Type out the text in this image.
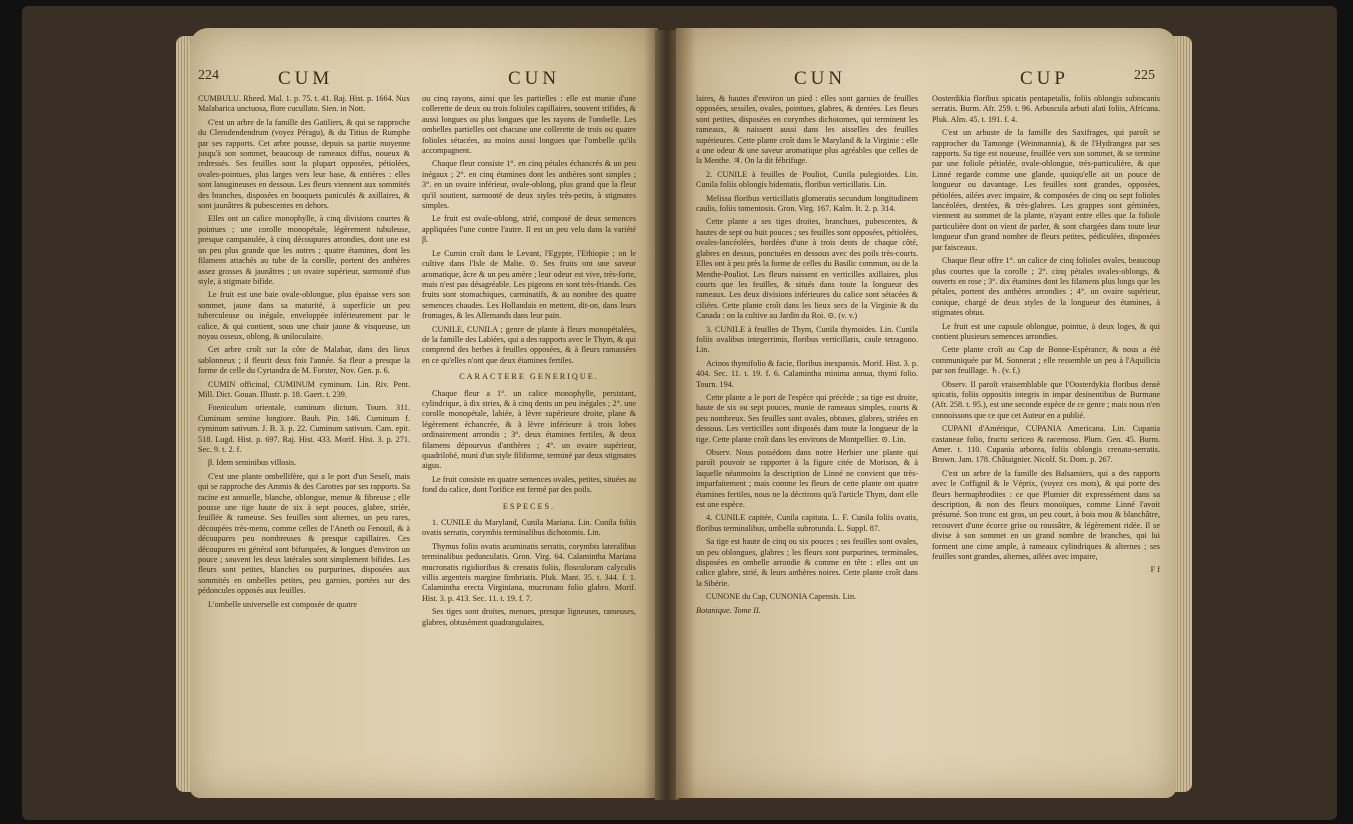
224	CUM	CUN

CUMBULU. Rheed. Mal. 1. p. 75. t. 41. Raj. Hist. p. 1664. Nux Malabarica unctuosa, flore cucullato. Sien. in Nott.

C'est un arbre de la famille des Gatiliers, & qui se rapproche du Clerodendendrum (voyez Péragu), & du Titius de Rumphe par ses rapports. Cet arbre pousse, depuis sa partie moyenne jusqu'à son sommet, beaucoup de rameaux diffus, noueux & redressés. Ses feuilles sont la plupart opposées, pétiolées, ovales-pointues, plus larges vers leur base, & entières : elles sont lanugineuses en dessous. Les fleurs viennent aux sommités des branches, disposées en bouquets paniculés & axillaires, & sont jaunâtres & pubescentes en dehors.

Elles ont un calice monophylle, à cinq divisions courtes & pointues ; une corolle monopétale, légèrement tubuleuse, presque campanulée, à cinq découpures arrondies, dont une est un peu plus grande que les autres ; quatre étamines, dont les filamens attachés au tube de la corolle, portent des anthères assez grosses & jaunâtres ; un ovaire supérieur, surmonté d'un style, à stigmate bifide.

Le fruit est une baie ovale-oblongue, plus épaisse vers son sommet, jaune dans sa maturité, à superficie un peu tuberculeuse ou inégale, enveloppée inférieurement par le calice, & qui contient, sous une chair jaune & visqueuse, un noyau osseux, oblong, & uniloculaire.

Cet arbre croît sur la côte de Malabar, dans des lieux sablonneux ; il fleurit deux fois l'année. Sa fleur a presque la forme de celle du Cyrtandra de M. Forster, Nov. Gen. p. 6.

CUMIN officinal, CUMINUM cyminum. Lin. Riv. Pent. Mill. Dict. Gouan. Illustr. p. 18. Gaert. t. 239.

Foeniculum orientale, cuminum dictum. Tourn. 311. Cuminum semine longiore. Bauh. Pin. 146. Cuminum f. cyminum sativum. J. B. 3. p. 22. Cuminum sativum. Cam. epit. 518. Lugd. Hist. p. 697. Raj. Hist. 433. Morif. Hist. 3. p. 271. Sec. 9. t. 2. f.

β. Idem seminibus villosis.

C'est une plante ombellifère, qui a le port d'un Seseli, mais qui se rapproche des Ammis & des Carottes par ses rapports. Sa racine est annuelle, blanche, oblongue, menue & fibreuse ; elle pousse une tige haute de six à sept pouces, glabre, striée, feuillée & rameuse. Ses feuilles sont alternes, un peu rares, découpées très-menu, comme celles de l'Aneth ou Fenouil, & à découpures peu nombreuses & presque capillaires. Ces découpures en général sont bifurquées, & longues d'environ un pouce ; souvent les deux latérales sont simplement bifides. Les fleurs sont petites, blanches ou purpurines, disposées aux sommités en ombelles petites, peu garnies, portées sur des pédoncules opposés aux feuilles.

L'ombelle universelle est composée de quatre

ou cinq rayons, ainsi que les partielles : elle est munie d'une collerette de deux ou trois folioles capillaires, souvent trifides, & aussi longues ou plus longues que les rayons de l'ombelle. Les ombelles partielles ont chacune une collerette de trois ou quatre folioles sétacées, au moins aussi longues que l'ombelle qu'ils accompagnent.

Chaque fleur consiste 1°. en cinq pétales échancrés & un peu inégaux ; 2°. en cinq étamines dont les anthères sont simples ; 3°. en un ovaire inférieur, ovale-oblong, plus grand que la fleur qu'il soutient, surmonté de deux styles très-petits, à stigmates simples.

Le fruit est ovale-oblong, strié, composé de deux semences appliquées l'une contre l'autre. Il est un peu velu dans la variété β.

Le Cumin croît dans le Levant, l'Egypte, l'Ethiopie ; on le cultive dans l'Isle de Malte. ⊙. Ses fruits ont une saveur aromatique, âcre & un peu amère ; leur odeur est vive, très-forte, mais n'est pas désagréable. Les pigeons en sont très-friands. Ces fruits sont stomachiques, carminatifs, & au nombre des quatre semences chaudes. Les Hollandais en mettent, dit-on, dans leurs fromages, & les Allemands dans leur pain.

CUNILE, CUNILA ; genre de plante à fleurs monopétalées, de la famille des Labiées, qui a des rapports avec le Thym, & qui comprend des herbes à feuilles opposées, & à fleurs ramassées en ce qu'elles n'ont que deux étamines fertiles.

CARACTERE GENERIQUE.

Chaque fleur a 1°. un calice monophylle, persistant, cylindrique, à dix stries, & à cinq dents un peu inégales ; 2°. une corolle monopétale, labiée, à lèvre supérieure droite, plane & légèrement échancrée, & à lèvre inférieure à trois lobes ordinairement arrondis ; 3°. deux étamines fertiles, & deux filamens dépourvus d'anthères ; 4°. un ovaire supérieur, quadrilobé, muni d'un style filiforme, terminé par deux stigmates aigus.

Le fruit consiste en quatre semences ovales, petites, situées au fond du calice, dont l'orifice est fermé par des poils.

ESPECES.

1. CUNILE du Maryland, Cunila Mariana. Lin. Cunila foliis ovatis serratis, corymbis terminalibus dichotomis. Lin.

Thymus foliis ovatis acuminatis serratis, corymbis lateralibus terminalibus pedunculatis. Gron. Virg. 64. Calamintha Mariana mucronatis rigidioribus & crenatis foliis, flosculorum calyculis villis argenteis margine fimbriatis. Pluk. Mant. 35. t. 344. f. 1. Calamintha erecta Virginiana, mucronato folio glabro. Morif. Hist. 3. p. 413. Sec. 11. t. 19. f. 7.

Ses tiges sont droites, menues, presque ligneuses, rameuses, glabres, obtusément quadrangulaires,

CUN	CUP	225

laires, & hautes d'environ un pied : elles sont garnies de feuilles opposées, sessiles, ovales, pointues, glabres, & dentées. Les fleurs sont petites, disposées en corymbes dichotomes, qui terminent les rameaux, & naissent aussi dans les aisselles des feuilles supérieures. Cette plante croît dans le Maryland & la Virginie : elle a une odeur & une saveur aromatique plus agréables que celles de la Menthe. ♃. On la dit fébrifuge.

2. CUNILE à feuilles de Pouliot, Cunila pulegioides. Lin. Cunila foliis oblongis bidentatis, floribus verticillatis. Lin.

Melissa floribus verticillatis glomeratis secundum longitudinem caulis, foliis tomentosis. Gron. Virg. 167. Kalm. It. 2. p. 314.

Cette plante a ses tiges droites, branchues, pubescentes, & hautes de sept ou huit pouces ; ses feuilles sont opposées, pétiolées, ovales-lancéolées, bordées d'une à trois dents de chaque côté, glabres en dessus, ponctuées en dessous avec des poils très-courts. Elles ont à peu près la forme de celles du Basilic commun, ou de la Menthe-Pouliot. Les fleurs naissent en verticilles axillaires, plus courts que les feuilles, & situés dans toute la longueur des rameaux. Les deux divisions inférieures du calice sont sétacées & ciliées. Cette plante croît dans les lieux secs de la Virginie & du Canada : on la cultive au Jardin du Roi. ⊙. (v. v.)

3. CUNILE à feuilles de Thym, Cunila thymoides. Lin. Cunila foliis ovalibus integerrimis, floribus verticillatis, caule tetragono. Lin.

Acinos thymifolio & facie, floribus inexpansis. Morif. Hist. 3. p. 404. Sec. 11. t. 19. f. 6. Calamintha minima annua, thymi folio. Tourn. 194.

Cette plante a le port de l'espèce qui précède ; sa tige est droite, haute de six ou sept pouces, munie de rameaux simples, courts & peu nombreux. Ses feuilles sont ovales, obtuses, glabres, striées en dessous. Les verticilles sont disposés dans toute la longueur de la tige. Cette plante croît dans les environs de Montpellier. ⊙. Lin.

Observ. Nous possédons dans notre Herbier une plante qui paroît pouvoir se rapporter à la figure citée de Morison, & à laquelle néanmoins la description de Linné ne convient que très-imparfaitement ; mais comme les fleurs de cette plante ont quatre étamines fertiles, nous ne la décrirons qu'à l'article Thym, dont elle est une espèce.

4. CUNILE capitée, Cunila capitata. L. F. Cunila foliis ovatis, floribus terminalibus, umbella subrotunda. L. Suppl. 87.

Sa tige est haute de cinq ou six pouces ; ses feuilles sont ovales, un peu oblongues, glabres ; les fleurs sont purpurines, terminales, disposées en ombelle arrondie & comme en tête : elles ont un calice glabre, strié, & leurs anthères noires. Cette plante croît dans la Sibérie.

CUNONE du Cap, CUNONIA Capensis. Lin.

Botanique. Tome II.

Oosterdikia floribus spicatis pentapetalis, foliis oblongis subincanis serratis. Burm. Afr. 259. t. 96. Arbuscula arbuti alati foliis, Africana. Pluk. Alm. 45. t. 191. f. 4.

C'est un arbuste de la famille des Saxifrages, qui paroît se rapprocher du Tamonge (Weinmannia), & de l'Hydrangea par ses rapports. Sa tige est noueuse, feuillée vers son sommet, & se termine par une foliole pétiolée, ovale-oblongue, très-particulière, & que Linné regarde comme une glande, quoiqu'elle ait un pouce de longueur ou davantage. Les feuilles sont grandes, opposées, pétiolées, ailées avec impaire, & composées de cinq ou sept folioles lancéolées, dentées, & très-glabres. Les grappes sont géminées, viennent au sommet de la plante, n'ayant entre elles que la foliole particulière dont on vient de parler, & sont chargées dans toute leur longueur d'un grand nombre de fleurs petites, pédiculées, disposées par faisceaux.

Chaque fleur offre 1°. un calice de cinq folioles ovales, beaucoup plus courtes que la corolle ; 2°. cinq pétales ovales-oblongs, & ouverts en rose ; 3°. dix étamines dont les filamens plus longs que les pétales, portent des anthères arrondies ; 4°. un ovaire supérieur, conique, chargé de deux styles de la longueur des étamines, à stigmates obtus.

Le fruit est une capsule oblongue, pointue, à deux loges, & qui contient plusieurs semences arrondies.

Cette plante croît au Cap de Bonne-Espérance, & nous a été communiquée par M. Sonnerat ; elle ressemble un peu à l'Aquilicia par son feuillage. ♄. (v. f.)

Observ. Il paroît vraisemblable que l'Oosterdykia floribus densè spicatis, foliis oppositis integris in impar desinentibus de Burmane (Afr. 258. t. 95.), est une seconde espèce de ce genre ; mais nous n'en connoissons que ce que cet Auteur en a publié.

CUPANI d'Amérique, CUPANIA Americana. Lin. Cupania castaneae folio, fructu sericeo & racemoso. Plum. Gen. 45. Burm. Amer. t. 110. Cupania arborea, foliis oblongis crenato-serratis. Brown. Jam. 178. Châtaignier. Nicolf. St. Dom. p. 267.

C'est un arbre de la famille des Balsamiers, qui a des rapports avec le Coffignil & le Véprix, (voyez ces mots), & qui porte des fleurs hermaphrodites : ce que Plumier dit expressément dans sa description, & non des fleurs monoïques, comme Linné l'avoit présumé. Son tronc est gros, un peu court, à bois mou & blanchâtre, recouvert d'une écorce grise ou roussâtre, & légèrement ridée. Il se divise à son sommet en un grand nombre de branches, qui lui forment une cime ample, à rameaux cylindriques & alternes ; ses feuilles sont grandes, alternes, ailées avec impaire,

F f
